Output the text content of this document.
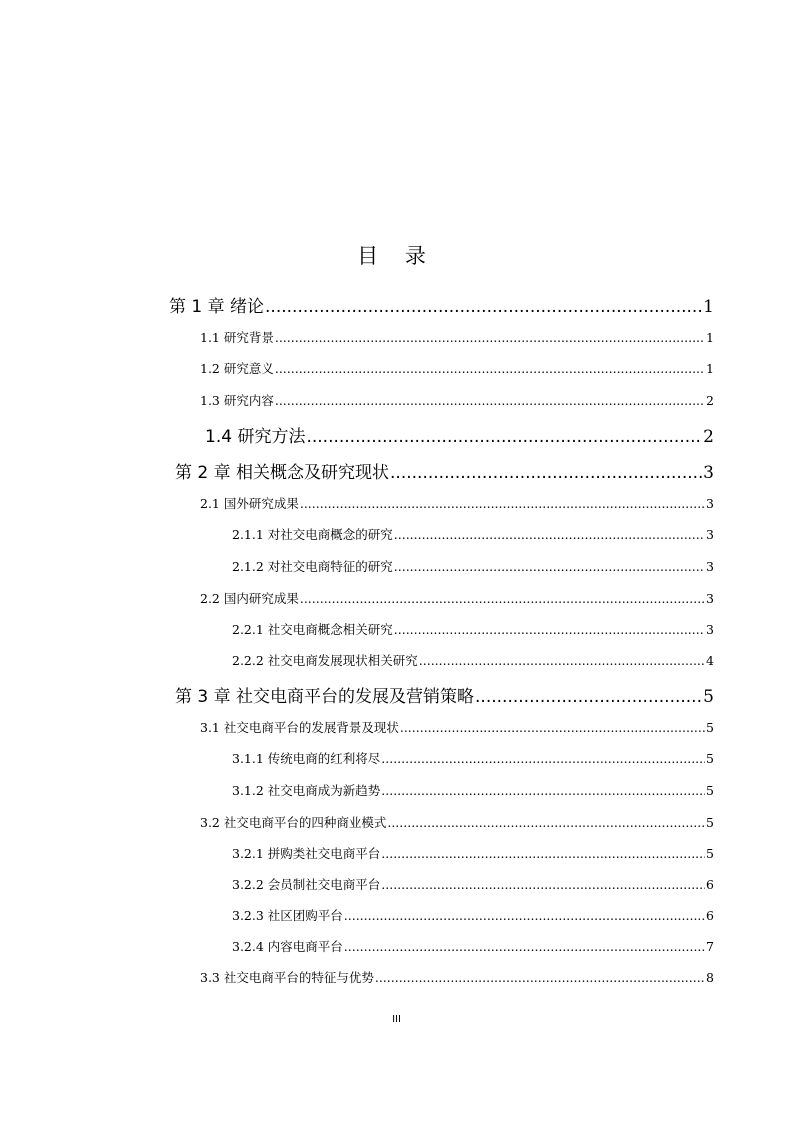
目 录
第 1 章 绪论 .....	1
1.1 研究背景 .....	1
1.2 研究意义 .....	1
1.3 研究内容 .....	2
1.4 研究方法 .....	2
第 2 章 相关概念及研究现状 .....	3
2.1 国外研究成果 .....	3
2.1.1 对社交电商概念的研究 .....	3
2.1.2 对社交电商特征的研究 .....	3
2.2 国内研究成果 .....	3
2.2.1 社交电商概念相关研究 .....	3
2.2.2 社交电商发展现状相关研究 .....	4
第 3 章 社交电商平台的发展及营销策略 .....	5
3.1 社交电商平台的发展背景及现状 .....	5
3.1.1 传统电商的红利将尽 .....	5
3.1.2 社交电商成为新趋势 .....	5
3.2 社交电商平台的四种商业模式 .....	5
3.2.1 拼购类社交电商平台 .....	5
3.2.2 会员制社交电商平台 .....	6
3.2.3 社区团购平台 .....	6
3.2.4 内容电商平台 .....	7
3.3 社交电商平台的特征与优势 .....	8
III
